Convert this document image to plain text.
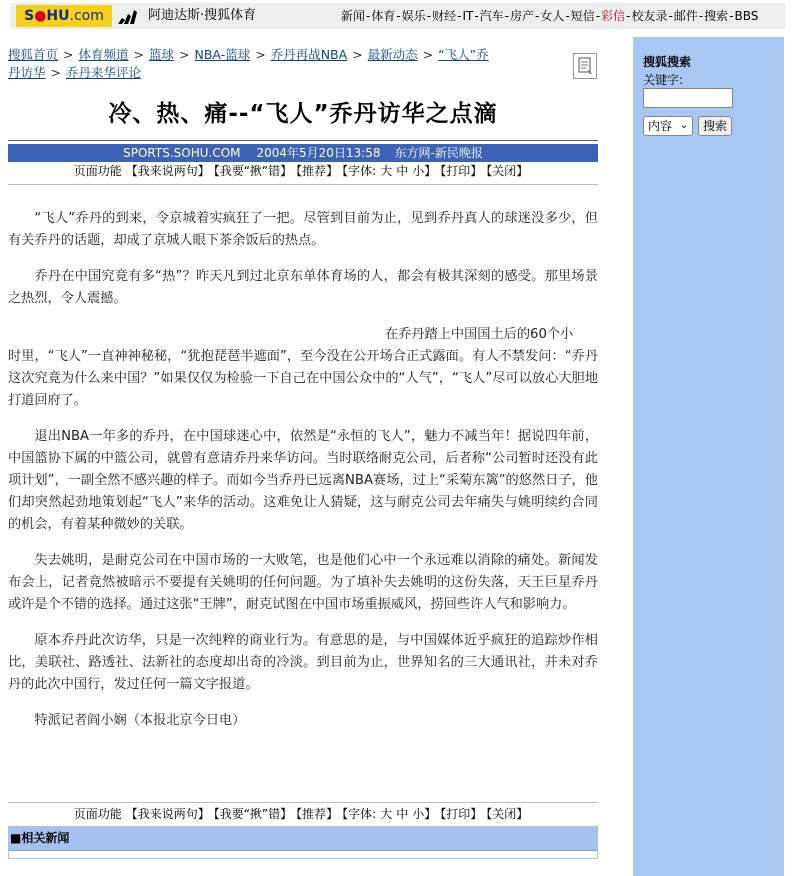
S●HU.com	阿迪达斯·搜狐体育	新闻-体育-娱乐-财经-IT-汽车-房产-女人-短信-彩信-校友录-邮件-搜索-BBS
搜狐首页 > 体育频道 > 篮球 > NBA-篮球 > 乔丹再战NBA > 最新动态 > “飞人”乔丹访华 > 乔丹来华评论
冷、热、痛--“飞人”乔丹访华之点滴
SPORTS.SOHU.COM 2004年5月20日13:58 东方网-新民晚报
页面功能 【我来说两句】 【我要“揪”错】 【推荐】 【字体: 大 中 小】 【打印】 【关闭】

“飞人”乔丹的到来，令京城着实疯狂了一把。尽管到目前为止，见到乔丹真人的球迷没多少，但有关乔丹的话题，却成了京城人眼下茶余饭后的热点。

乔丹在中国究竟有多“热”？昨天凡到过北京东单体育场的人，都会有极其深刻的感受。那里场景之热烈，令人震撼。

在乔丹踏上中国国土后的60个小

时里，“飞人”一直神神秘秘，“犹抱琵琶半遮面”，至今没在公开场合正式露面。有人不禁发问：“乔丹这次究竟为什么来中国？”如果仅仅为检验一下自己在中国公众中的“人气”，“飞人”尽可以放心大胆地打道回府了。

退出NBA一年多的乔丹，在中国球迷心中，依然是“永恒的飞人”，魅力不减当年！据说四年前，中国篮协下属的中篮公司，就曾有意请乔丹来华访问。当时联络耐克公司，后者称“公司暂时还没有此项计划”，一副全然不感兴趣的样子。而如今当乔丹已远离NBA赛场，过上“采菊东篱”的悠然日子，他们却突然起劲地策划起“飞人”来华的活动。这难免让人猜疑，这与耐克公司去年痛失与姚明续约合同的机会，有着某种微妙的关联。

失去姚明，是耐克公司在中国市场的一大败笔，也是他们心中一个永远难以消除的痛处。新闻发布会上，记者竟然被暗示不要提有关姚明的任何问题。为了填补失去姚明的这份失落，天王巨星乔丹或许是个不错的选择。通过这张“王牌”，耐克试图在中国市场重振威风，捞回些许人气和影响力。

原本乔丹此次访华，只是一次纯粹的商业行为。有意思的是，与中国媒体近乎疯狂的追踪炒作相比，美联社、路透社、法新社的态度却出奇的冷淡。到目前为止，世界知名的三大通讯社，并未对乔丹的此次中国行，发过任何一篇文字报道。

特派记者阎小娴（本报北京今日电）

页面功能 【我来说两句】 【我要“揪”错】 【推荐】 【字体: 大 中 小】 【打印】 【关闭】
■相关新闻
搜狐搜索
关键字:
内容 ⌄	搜索
